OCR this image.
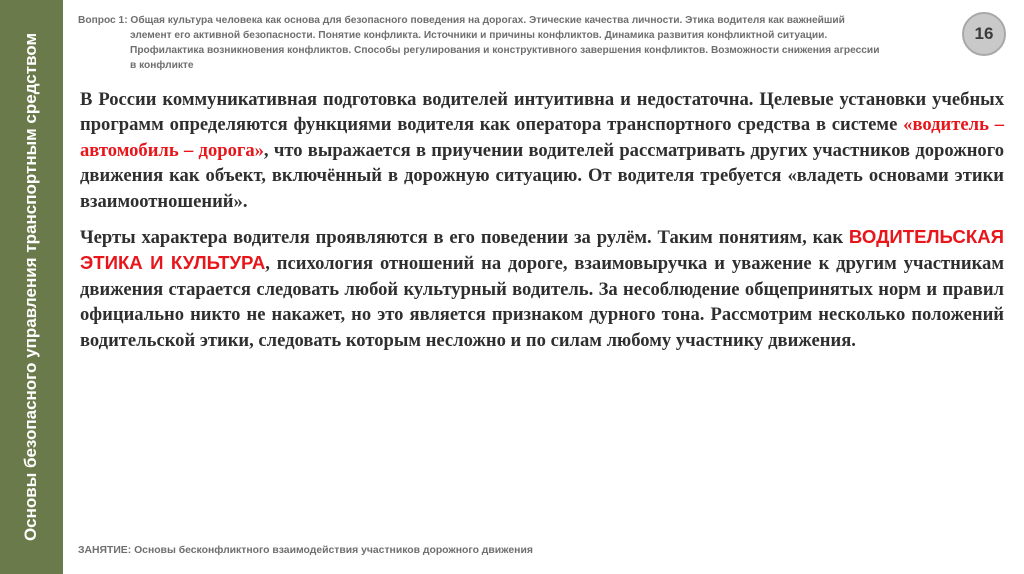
Основы безопасного управления транспортным средством
Вопрос 1: Общая культура человека как основа для безопасного поведения на дорогах. Этические качества личности. Этика водителя как важнейший
элемент его активной безопасности. Понятие конфликта. Источники и причины конфликтов. Динамика развития конфликтной ситуации.
Профилактика возникновения конфликтов. Способы регулирования и конструктивного завершения конфликтов. Возможности снижения агрессии
в конфликте
16

В России коммуникативная подготовка водителей интуитивна и недостаточна. Целевые установки учебных программ определяются функциями водителя как оператора транспортного средства в системе «водитель – автомобиль – дорога», что выражается в приучении водителей рассматривать других участников дорожного движения как объект, включённый в дорожную ситуацию. От водителя требуется «владеть основами этики взаимоотношений».

Черты характера водителя проявляются в его поведении за рулём. Таким понятиям, как ВОДИТЕЛЬСКАЯ ЭТИКА И КУЛЬТУРА, психология отношений на дороге, взаимовыручка и уважение к другим участникам движения старается следовать любой культурный водитель. За несоблюдение общепринятых норм и правил официально никто не накажет, но это является признаком дурного тона. Рассмотрим несколько положений водительской этики, следовать которым несложно и по силам любому участнику движения.

ЗАНЯТИЕ: Основы бесконфликтного взаимодействия участников дорожного движения
